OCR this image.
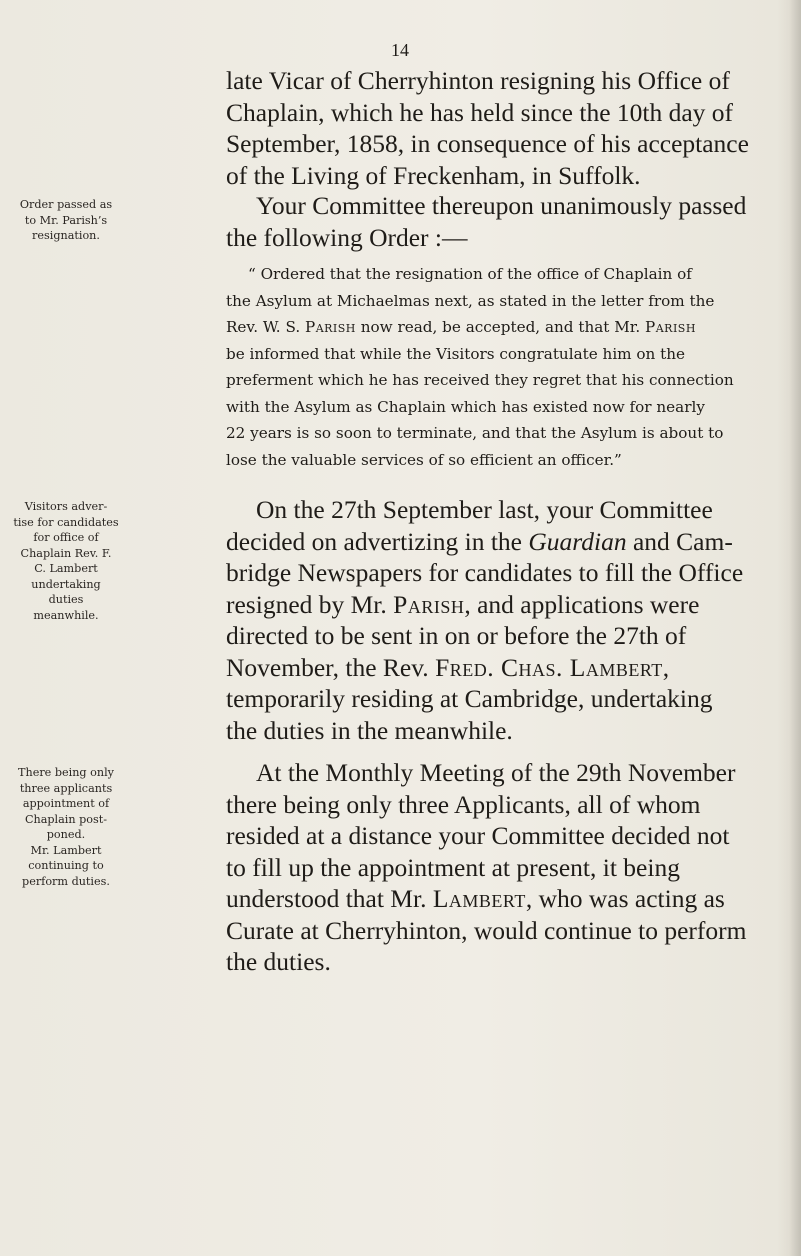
14
late Vicar of Cherryhinton resigning his Office of
Chaplain, which he has held since the 10th day of
September, 1858, in consequence of his acceptance
of the Living of Freckenham, in Suffolk.
Order passed as
to Mr. Parish’s
resignation.
Your Committee thereupon unanimously passed
the following Order :—
“ Ordered that the resignation of the office of Chaplain of
the Asylum at Michaelmas next, as stated in the letter from the
Rev. W. S. Parish now read, be accepted, and that Mr. Parish
be informed that while the Visitors congratulate him on the
preferment which he has received they regret that his connection
with the Asylum as Chaplain which has existed now for nearly
22 years is so soon to terminate, and that the Asylum is about to
lose the valuable services of so efficient an officer.”
Visitors adver-
tise for candidates
for office of
Chaplain Rev. F.
C. Lambert
undertaking
duties
meanwhile.
On the 27th September last, your Committee
decided on advertizing in the Guardian and Cam-
bridge Newspapers for candidates to fill the Office
resigned by Mr. Parish, and applications were
directed to be sent in on or before the 27th of
November, the Rev. Fred. Chas. Lambert,
temporarily residing at Cambridge, undertaking
the duties in the meanwhile.
There being only
three applicants
appointment of
Chaplain post-
poned.
Mr. Lambert
continuing to
perform duties.
At the Monthly Meeting of the 29th November
there being only three Applicants, all of whom
resided at a distance your Committee decided not
to fill up the appointment at present, it being
understood that Mr. Lambert, who was acting as
Curate at Cherryhinton, would continue to perform
the duties.
